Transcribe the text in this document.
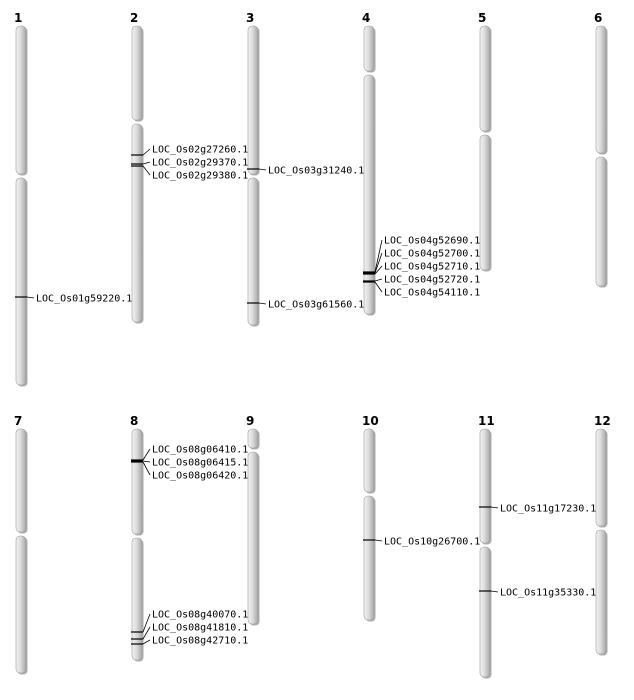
1
LOC_Os01g59220.1
2
LOC_Os02g27260.1
LOC_Os02g29370.1
LOC_Os02g29380.1
3
LOC_Os03g31240.1
LOC_Os03g61560.1
4
LOC_Os04g52690.1
LOC_Os04g52700.1
LOC_Os04g52710.1
LOC_Os04g52720.1
LOC_Os04g54110.1
5	6
7	8
LOC_Os08g06410.1
LOC_Os08g06415.1
LOC_Os08g06420.1
LOC_Os08g40070.1
LOC_Os08g41810.1
LOC_Os08g42710.1
9	10
LOC_Os10g26700.1
11
LOC_Os11g17230.1
LOC_Os11g35330.1
12
